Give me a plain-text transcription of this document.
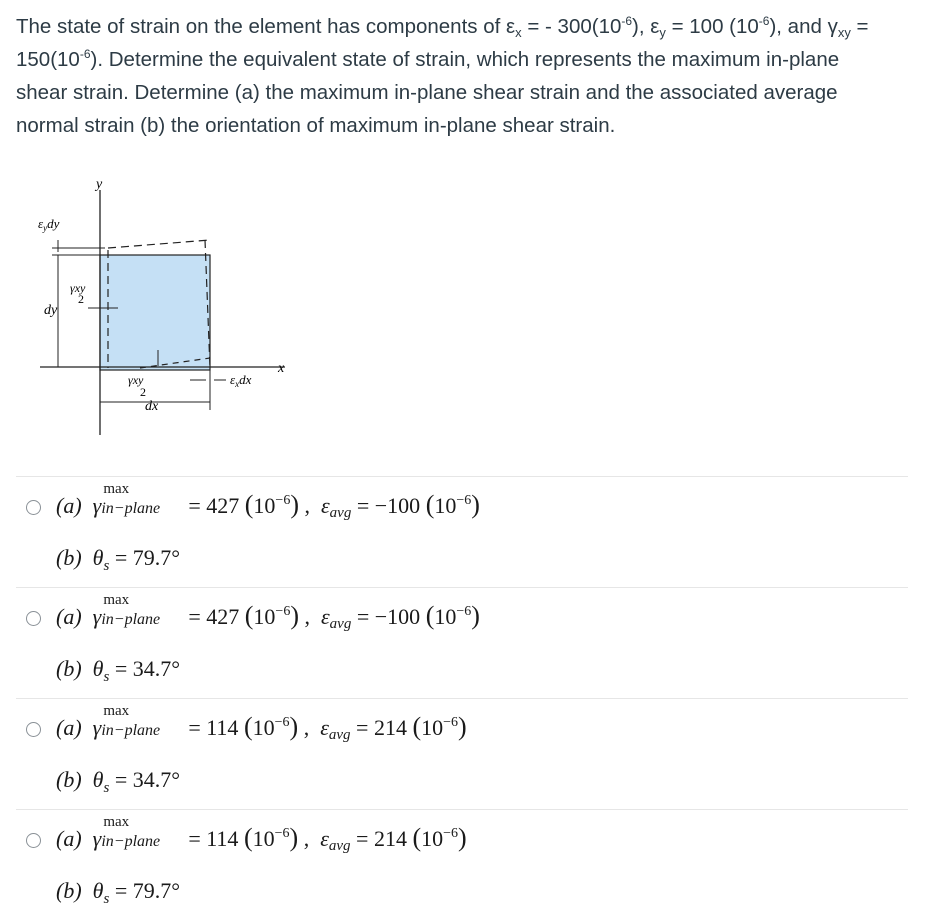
The state of strain on the element has components of $\varepsilon_x$ = - $300(10^{-6})$, $\varepsilon_y = 100$ $(10^{-6})$, and $\gamma_{xy} = 150(10^{-6})$. Determine the equivalent state of strain, which represents the maximum in-plane shear strain. Determine (a) the maximum in-plane shear strain and the associated average normal strain (b) the orientation of maximum in-plane shear strain.
y
x
$\varepsilon_ydy$
γxy
2
dy
γxy
2
dx
$\varepsilon_xdx$
(a) γ
max
in−plane = 427 $(10^{-6})$ ,  εavg = −100 $(10^{-6})$
(b) $\theta_s = 79.7^\circ$
(a) γ
max
in−plane = 427 $(10^{-6})$ ,  εavg = −100 $(10^{-6})$
(b) $\theta_s = 34.7^\circ$
(a) γ
max
in−plane = 114 $(10^{-6})$ ,  εavg = 214 $(10^{-6})$
(b) $\theta_s = 34.7^\circ$
(a) γ
max
in−plane = 114 $(10^{-6})$ ,  εavg = 214 $(10^{-6})$
(b) $\theta_s = 79.7^\circ$
